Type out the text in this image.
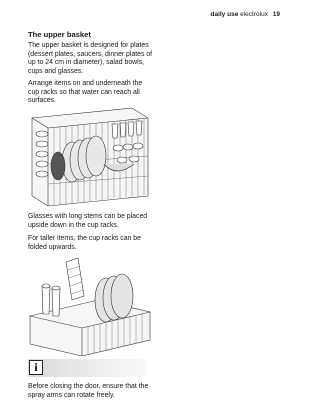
daily use electrolux 19
The upper basket
The upper basket is designed for plates (dessert plates, saucers, dinner plates of up to 24 cm in diameter), salad bowls, cups and glasses.
Arrange items on and underneath the cup racks so that water can reach all surfaces.
Glasses with long stems can be placed upside down in the cup racks.
For taller items, the cup racks can be folded upwards.
i
Before closing the door, ensure that the spray arms can rotate freely.
